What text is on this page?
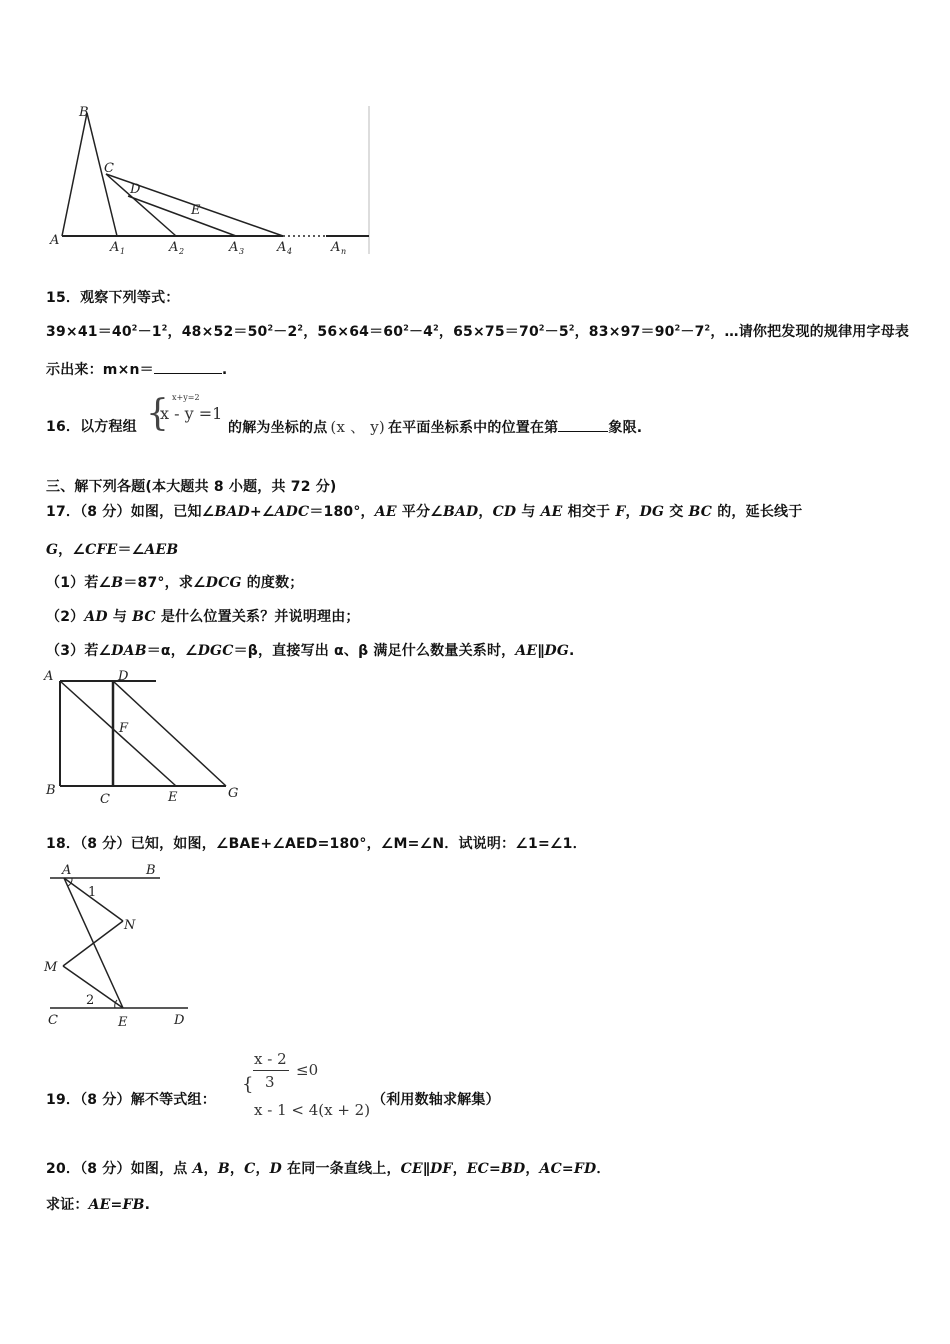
B
C
D
E
A	A 1	A 2	A 3	A 4	A n
15．观察下列等式：
$39\times 41=40^2-1^2$，$48\times 52=50^2-2^2$，$56\times 64=60^2-4^2$，$65\times 75=70^2-5^2$，$83\times 97=90^2-7^2$，…请你把发现的规律用字母表
示出来：m×n＝	.
16．以方程组 { x+y=2
x - y =1
的解为坐标的点 (x 、 y) 在平面坐标系中的位置在第	象限.
三、解下列各题(本大题共 8 小题，共 72 分)
17．（8 分）如图，已知∠BAD+∠ADC＝180°，AE 平分∠BAD，CD 与 AE 相交于 F，DG 交 BC 的，延长线于
G，∠CFE＝∠AEB
（1）若∠B＝87°，求∠DCG 的度数；
（2）AD 与 BC 是什么位置关系？并说明理由；
（3）若∠DAB＝α，∠DGC＝β，直接写出 α、β 满足什么数量关系时，AE∥DG.
A	D
F
B
C	E	G
18．（8 分）已知，如图，∠BAE+∠AED=180°，∠M=∠N．试说明：∠1=∠1．
A	B
1
N
M
2
C	E	D
19．（8 分）解不等式组：
{
x - 2
3
≤0
x - 1 < 4(x + 2)
（利用数轴求解集）
20．（8 分）如图，点 A，B，C，D 在同一条直线上，CE∥DF，EC=BD，AC=FD．
求证：AE=FB.
